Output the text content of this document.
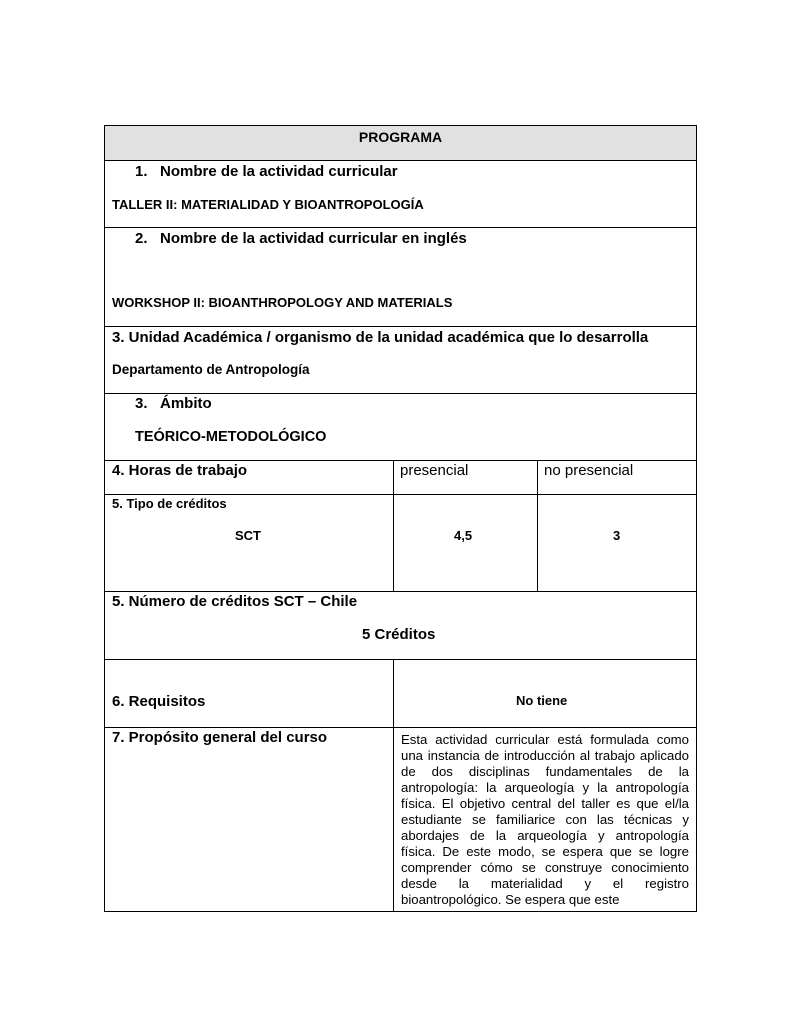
PROGRAMA		

1. Nombre de la actividad curricular
TALLER II: MATERIALIDAD Y BIOANTROPOLOGÍA		

2. Nombre de la actividad curricular en inglés
WORKSHOP II: BIOANTHROPOLOGY AND MATERIALS		

3. Unidad Académica / organismo de la unidad académica que lo desarrolla
Departamento de Antropología		

3. Ámbito
TEÓRICO-METODOLÓGICO		

4. Horas de trabajo	presencial	no presencial

5. Tipo de créditos
SCT	4,5	3

5. Número de créditos SCT – Chile
5 Créditos		

6. Requisitos	No tiene	

7. Propósito general del curso	Esta actividad curricular está formulada como una instancia de introducción al trabajo aplicado de dos disciplinas fundamentales de la antropología: la arqueología y la antropología física. El objetivo central del taller es que el/la estudiante se familiarice con las técnicas y abordajes de la arqueología y antropología física. De este modo, se espera que se logre comprender cómo se construye conocimiento desde la materialidad y el registro bioantropológico. Se espera que este	
